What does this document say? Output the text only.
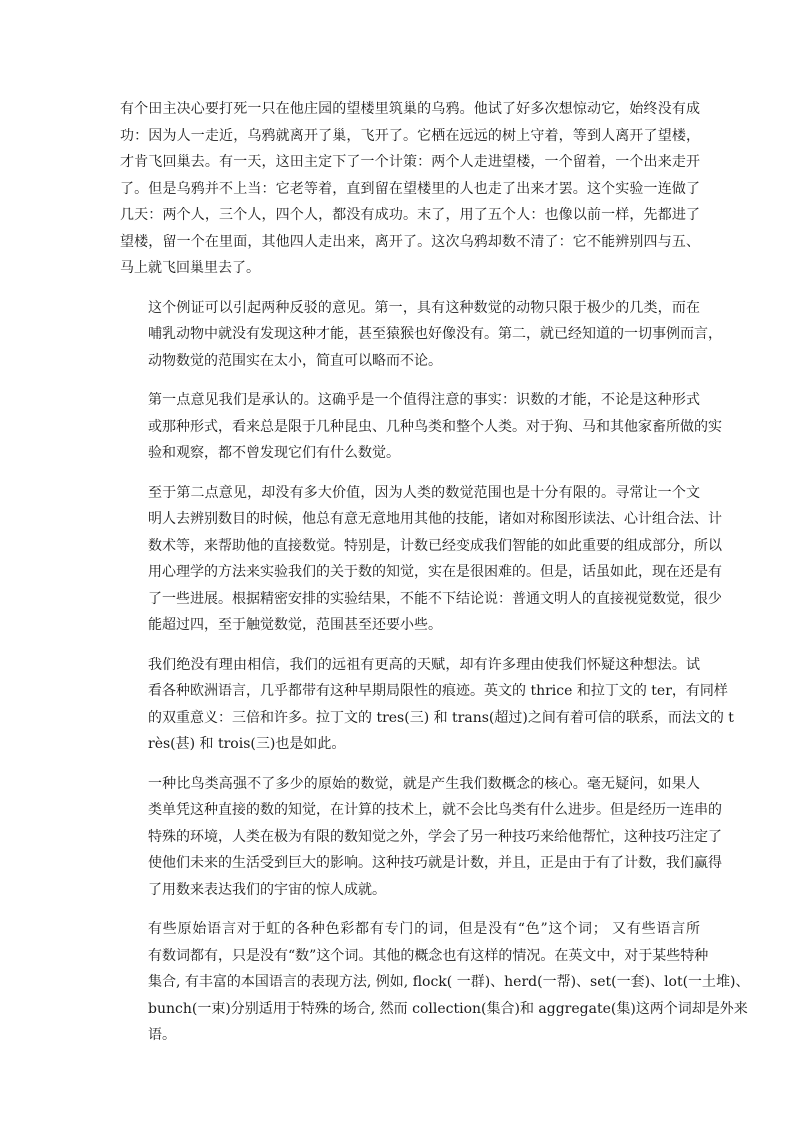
有个田主决心要打死一只在他庄园的望楼里筑巢的乌鸦。他试了好多次想惊动它，始终没有成
功：因为人一走近，乌鸦就离开了巢，飞开了。它栖在远远的树上守着，等到人离开了望楼，
才肯飞回巢去。有一天，这田主定下了一个计策：两个人走进望楼，一个留着，一个出来走开
了。但是乌鸦并不上当：它老等着，直到留在望楼里的人也走了出来才罢。这个实验一连做了
几天：两个人，三个人，四个人，都没有成功。末了，用了五个人：也像以前一样，先都进了
望楼，留一个在里面，其他四人走出来，离开了。这次乌鸦却数不清了：它不能辨别四与五、
马上就飞回巢里去了。

这个例证可以引起两种反驳的意见。第一，具有这种数觉的动物只限于极少的几类，而在
哺乳动物中就没有发现这种才能，甚至猿猴也好像没有。第二，就已经知道的一切事例而言，
动物数觉的范围实在太小，简直可以略而不论。

第一点意见我们是承认的。这确乎是一个值得注意的事实：识数的才能，不论是这种形式
或那种形式，看来总是限于几种昆虫、几种鸟类和整个人类。对于狗、马和其他家畜所做的实
验和观察，都不曾发现它们有什么数觉。

至于第二点意见，却没有多大价值，因为人类的数觉范围也是十分有限的。寻常让一个文
明人去辨别数目的时候，他总有意无意地用其他的技能，诸如对称图形读法、心计组合法、计
数术等，来帮助他的直接数觉。特别是，计数已经变成我们智能的如此重要的组成部分，所以
用心理学的方法来实验我们的关于数的知觉，实在是很困难的。但是，话虽如此，现在还是有
了一些进展。根据精密安排的实验结果，不能不下结论说：普通文明人的直接视觉数觉，很少
能超过四，至于触觉数觉，范围甚至还要小些。

我们绝没有理由相信，我们的远祖有更高的天赋，却有许多理由使我们怀疑这种想法。试
看各种欧洲语言，几乎都带有这种早期局限性的痕迹。英文的 thrice 和拉丁文的 ter，有同样
的双重意义：三倍和许多。拉丁文的 tres(三) 和 trans(超过)之间有着可信的联系，而法文的 t
rès(甚) 和 trois(三)也是如此。

一种比鸟类高强不了多少的原始的数觉，就是产生我们数概念的核心。毫无疑问，如果人
类单凭这种直接的数的知觉，在计算的技术上，就不会比鸟类有什么进步。但是经历一连串的
特殊的环境，人类在极为有限的数知觉之外，学会了另一种技巧来给他帮忙，这种技巧注定了
使他们未来的生活受到巨大的影响。这种技巧就是计数，并且，正是由于有了计数，我们赢得
了用数来表达我们的宇宙的惊人成就。

有些原始语言对于虹的各种色彩都有专门的词，但是没有“色”这个词； 又有些语言所
有数词都有，只是没有“数”这个词。其他的概念也有这样的情况。在英文中，对于某些特种
集合, 有丰富的本国语言的表现方法, 例如, flock( 一群)、herd(一帮)、set(一套)、lot(一土堆)、
bunch(一束)分别适用于特殊的场合, 然而 collection(集合)和 aggregate(集)这两个词却是外来
语。
